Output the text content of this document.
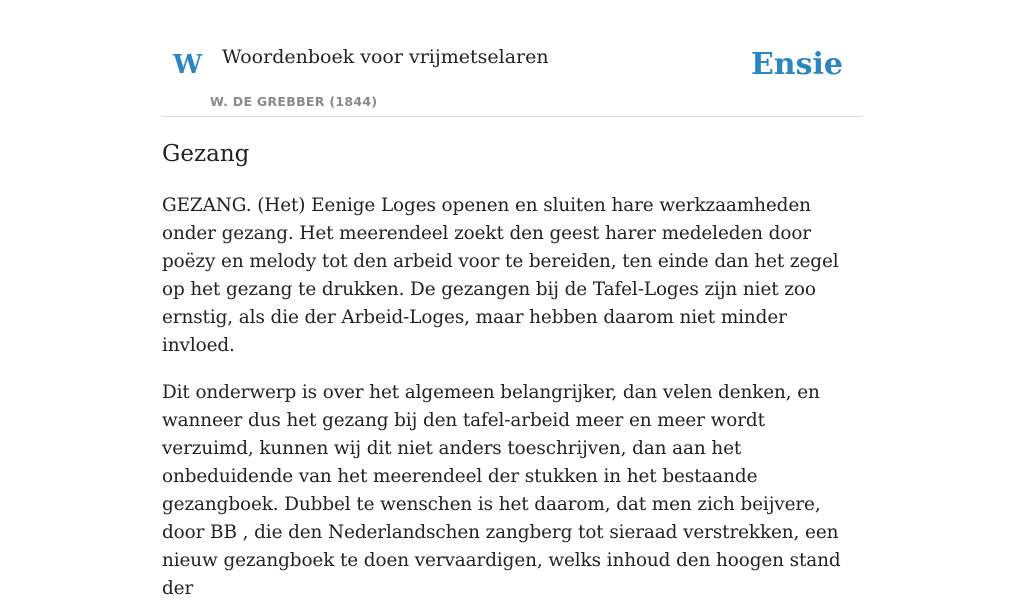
W Woordenboek voor vrijmetselaren
W. DE GREBBER (1844)
Ensie
Gezang

GEZANG. (Het) Eenige Loges openen en sluiten hare werkzaamheden onder gezang. Het meerendeel zoekt den geest harer medeleden door poëzy en melody tot den arbeid voor te bereiden, ten einde dan het zegel op het gezang te drukken. De gezangen bij de Tafel-Loges zijn niet zoo ernstig, als die der Arbeid-Loges, maar hebben daarom niet minder invloed.

Dit onderwerp is over het algemeen belangrijker, dan velen denken, en wanneer dus het gezang bij den tafel-arbeid meer en meer wordt verzuimd, kunnen wij dit niet anders toeschrijven, dan aan het onbeduidende van het meerendeel der stukken in het bestaande gezangboek. Dubbel te wenschen is het daarom, dat men zich beijvere, door BB , die den Nederlandschen zangberg tot sieraad verstrekken, een nieuw gezangboek te doen vervaardigen, welks inhoud den hoogen stand der
